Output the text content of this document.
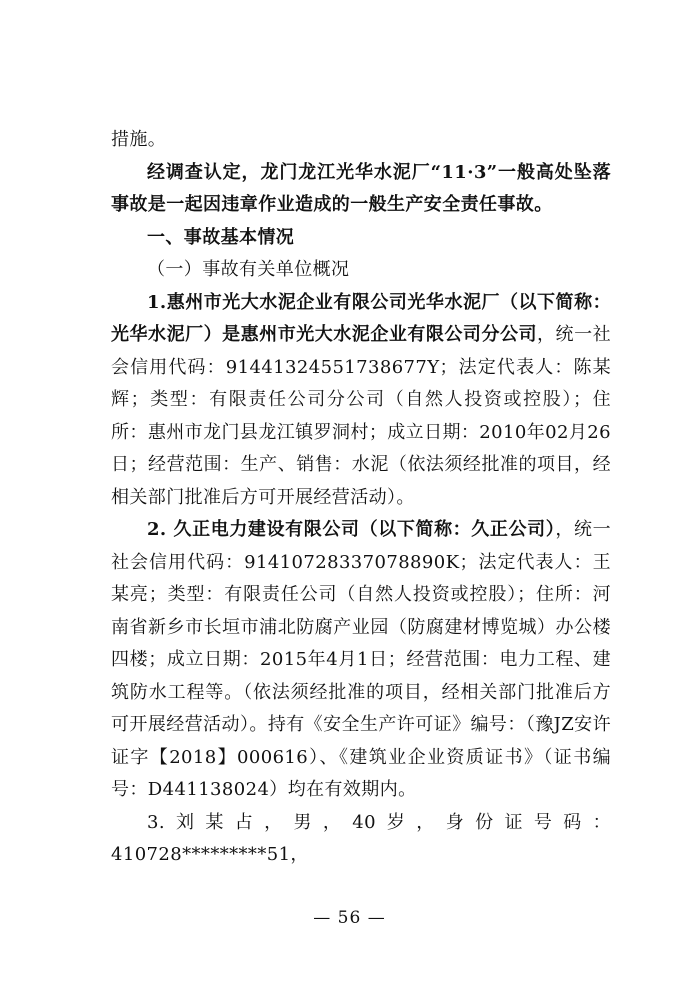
措施。

经调查认定，龙门龙江光华水泥厂“11·3”一般高处坠落事故是一起因违章作业造成的一般生产安全责任事故。

一、事故基本情况

（一）事故有关单位概况

1.惠州市光大水泥企业有限公司光华水泥厂（以下简称：光华水泥厂）是惠州市光大水泥企业有限公司分公司，统一社会信用代码：91441324551738677Y；法定代表人：陈某辉；类型：有限责任公司分公司（自然人投资或控股）；住所：惠州市龙门县龙江镇罗洞村；成立日期：2010年02月26日；经营范围：生产、销售：水泥（依法须经批准的项目，经相关部门批准后方可开展经营活动）。

2. 久正电力建设有限公司（以下简称：久正公司），统一社会信用代码：91410728337078890K；法定代表人：王某亮；类型：有限责任公司（自然人投资或控股）；住所：河南省新乡市长垣市浦北防腐产业园（防腐建材博览城）办公楼四楼；成立日期：2015年4月1日；经营范围：电力工程、建筑防水工程等。（依法须经批准的项目，经相关部门批准后方可开展经营活动）。持有《安全生产许可证》编号：（豫JZ安许证字【2018】000616）、《建筑业企业资质证书》（证书编号：D441138024）均在有效期内。

3.刘某占，男，40岁，身份证号码：410728*********51，

— 56 —
